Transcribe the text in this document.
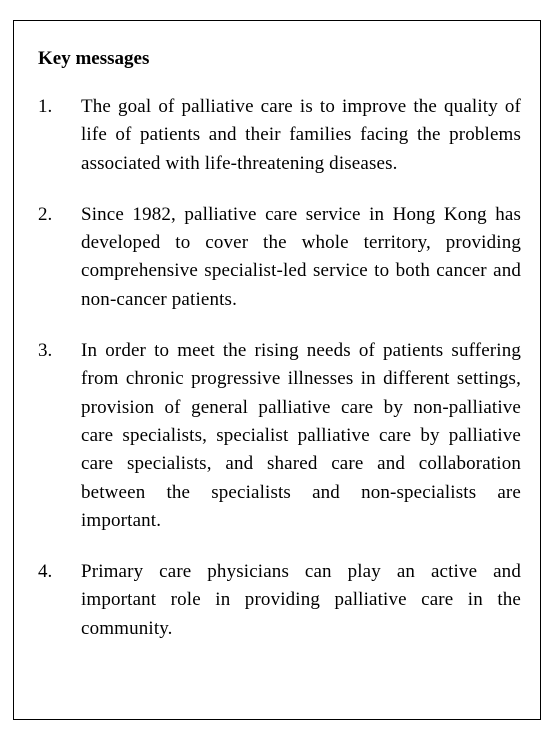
Key messages
1.	The goal of palliative care is to improve the quality of life of patients and their families facing the problems associated with life-threatening diseases.
2.	Since 1982, palliative care service in Hong Kong has developed to cover the whole territory, providing comprehensive specialist-led service to both cancer and non-cancer patients.
3.	In order to meet the rising needs of patients suffering from chronic progressive illnesses in different settings, provision of general palliative care by non-palliative care specialists, specialist palliative care by palliative care specialists, and shared care and collaboration between the specialists and non-specialists are important.
4.	Primary care physicians can play an active and important role in providing palliative care in the community.
